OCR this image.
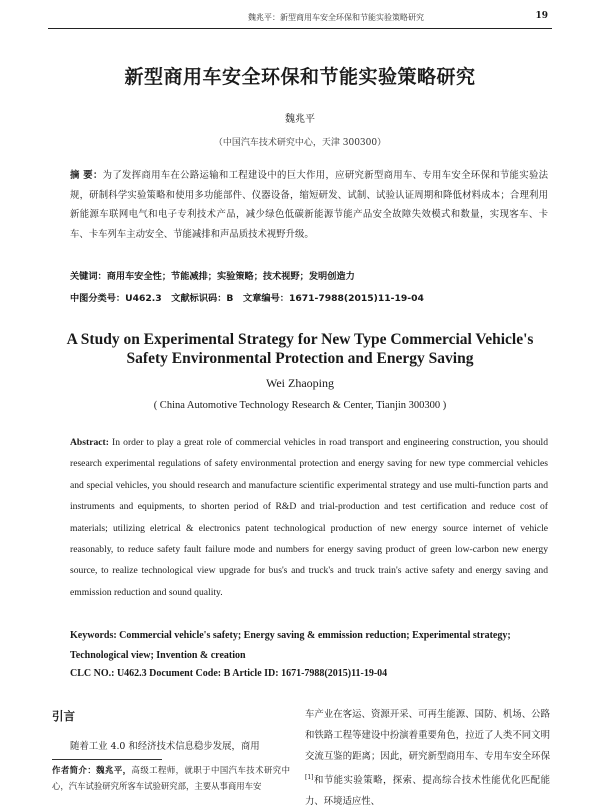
魏兆平：新型商用车安全环保和节能实验策略研究	19
新型商用车安全环保和节能实验策略研究
魏兆平
（中国汽车技术研究中心，天津 300300）
摘 要：为了发挥商用车在公路运输和工程建设中的巨大作用，应研究新型商用车、专用车安全环保和节能实验法规，研制科学实验策略和使用多功能部件、仪器设备，缩短研发、试制、试验认证周期和降低材料成本；合理利用新能源车联网电气和电子专利技术产品，减少绿色低碳新能源节能产品安全故障失效模式和数量，实现客车、卡车、卡车列车主动安全、节能减排和声品质技术视野升级。
关键词：商用车安全性；节能减排；实验策略；技术视野；发明创造力
中图分类号：U462.3 文献标识码：B 文章编号：1671-7988(2015)11-19-04
A Study on Experimental Strategy for New Type Commercial Vehicle's Safety Environmental Protection and Energy Saving
Wei Zhaoping
( China Automotive Technology Research & Center, Tianjin 300300 )
Abstract: In order to play a great role of commercial vehicles in road transport and engineering construction, you should research experimental regulations of safety environmental protection and energy saving for new type commercial vehicles and special vehicles, you should research and manufacture scientific experimental strategy and use multi-function parts and instruments and equipments, to shorten period of R&D and trial-production and test certification and reduce cost of materials; utilizing eletrical & electronics patent technological production of new energy source internet of vehicle reasonably, to reduce safety fault failure mode and numbers for energy saving product of green low-carbon new energy source, to realize technological view upgrade for bus's and truck's and truck train's active safety and energy saving and emmission reduction and sound quality.
Keywords: Commercial vehicle's safety; Energy saving & emmission reduction; Experimental strategy; Technological view; Invention & creation
CLC NO.: U462.3 Document Code: B Article ID: 1671-7988(2015)11-19-04
引言
随着工业 4.0 和经济技术信息稳步发展，商用
作者简介：魏兆平，高级工程师，就职于中国汽车技术研究中心，汽车试验研究所客车试验研究部，主要从事商用车安
车产业在客运、资源开采、可再生能源、国防、机场、公路和铁路工程等建设中扮演着重要角色，拉近了人类不同文明交流互鉴的距离；因此，研究新型商用车、专用车安全环保[1]和节能实验策略，探索、提高综合技术性能优化匹配能力、环境适应性、
